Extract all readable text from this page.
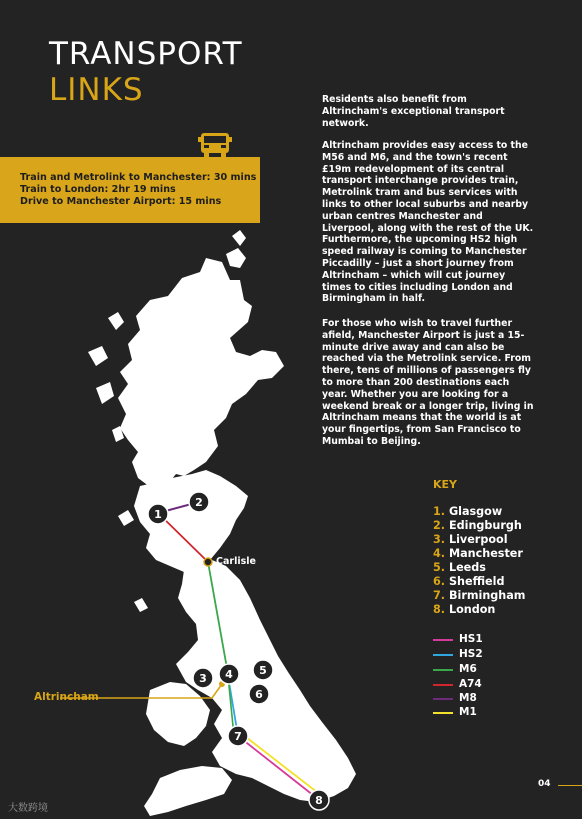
TRANSPORT
LINKS
Train and Metrolink to Manchester: 30 mins
Train to London: 2hr 19 mins
Drive to Manchester Airport: 15 mins

Residents also benefit from Altrincham's exceptional transport network.

Altrincham provides easy access to the M56 and M6, and the town's recent £19m redevelopment of its central transport interchange provides train, Metrolink tram and bus services with links to other local suburbs and nearby urban centres Manchester and Liverpool, along with the rest of the UK. Furthermore, the upcoming HS2 high speed railway is coming to Manchester Piccadilly – just a short journey from Altrincham – which will cut journey times to cities including London and Birmingham in half.

For those who wish to travel further afield, Manchester Airport is just a 15-minute drive away and can also be reached via the Metrolink service. From there, tens of millions of passengers fly to more than 200 destinations each year. Whether you are looking for a weekend break or a longer trip, living in Altrincham means that the world is at your fingertips, from San Francisco to Mumbai to Beijing.

1
2
3 4 5
6
7
8
Carlisle
Altrincham
KEY
1. Glasgow
2. Edingburgh
3. Liverpool
4. Manchester
5. Leeds
6. Sheffield
7. Birmingham
8. London
HS1
HS2
M6
A74
M8
M1
04
大数跨境
